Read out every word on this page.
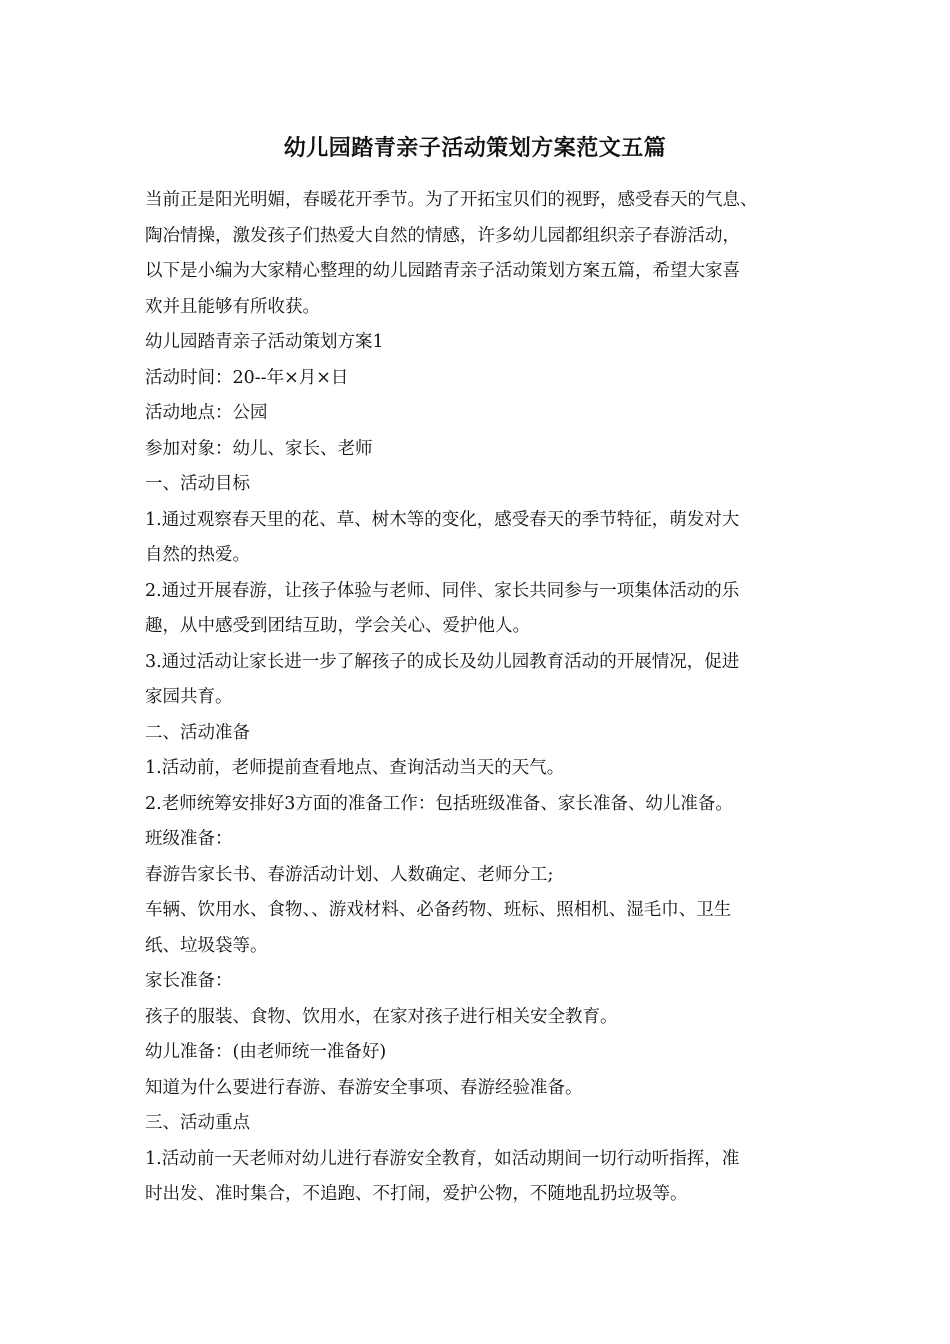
幼儿园踏青亲子活动策划方案范文五篇

当前正是阳光明媚，春暖花开季节。为了开拓宝贝们的视野，感受春天的气息、

陶冶情操，激发孩子们热爱大自然的情感，许多幼儿园都组织亲子春游活动，

以下是小编为大家精心整理的幼儿园踏青亲子活动策划方案五篇，希望大家喜

欢并且能够有所收获。

幼儿园踏青亲子活动策划方案1

活动时间：20--年×月×日

活动地点：公园

参加对象：幼儿、家长、老师

一、活动目标

1.通过观察春天里的花、草、树木等的变化，感受春天的季节特征，萌发对大

自然的热爱。

2.通过开展春游，让孩子体验与老师、同伴、家长共同参与一项集体活动的乐

趣，从中感受到团结互助，学会关心、爱护他人。

3.通过活动让家长进一步了解孩子的成长及幼儿园教育活动的开展情况，促进

家园共育。

二、活动准备

1.活动前，老师提前查看地点、查询活动当天的天气。

2.老师统筹安排好3方面的准备工作：包括班级准备、家长准备、幼儿准备。

班级准备：

春游告家长书、春游活动计划、人数确定、老师分工;

车辆、饮用水、食物、、游戏材料、必备药物、班标、照相机、湿毛巾、卫生

纸、垃圾袋等。

家长准备：

孩子的服装、食物、饮用水，在家对孩子进行相关安全教育。

幼儿准备：(由老师统一准备好)

知道为什么要进行春游、春游安全事项、春游经验准备。

三、活动重点

1.活动前一天老师对幼儿进行春游安全教育，如活动期间一切行动听指挥，准

时出发、准时集合，不追跑、不打闹，爱护公物，不随地乱扔垃圾等。
